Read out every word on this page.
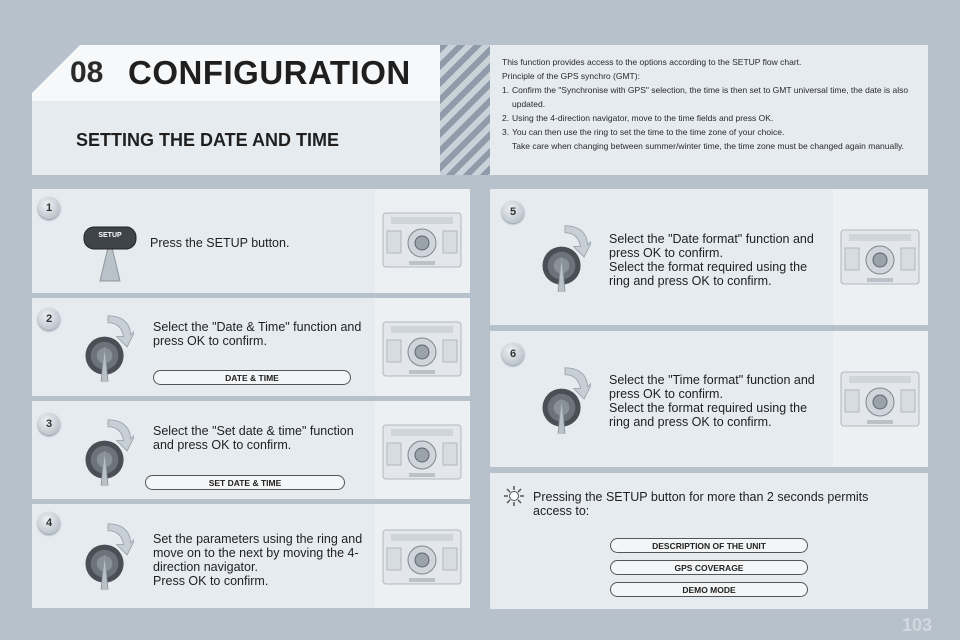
08 CONFIGURATION
SETTING THE DATE AND TIME
This function provides access to the options according to the SETUP flow chart.
Principle of the GPS synchro (GMT):
1. Confirm the "Synchronise with GPS" selection, the time is then set to GMT universal time, the date is also updated.
2. Using the 4-direction navigator, move to the time fields and press OK.
3. You can then use the ring to set the time to the time zone of your choice.
Take care when changing between summer/winter time, the time zone must be changed again manually.
1
SETUP
Press the SETUP button.
2
Select the "Date & Time" function and press OK to confirm.
DATE & TIME
3	Select the "Set date & time" function and press OK to confirm.
SET DATE & TIME
4
Set the parameters using the ring and move on to the next by moving the 4-direction navigator.
Press OK to confirm.
5
Select the "Date format" function and press OK to confirm.
Select the format required using the ring and press OK to confirm.
6
Select the "Time format" function and press OK to confirm.
Select the format required using the ring and press OK to confirm.
Pressing the SETUP button for more than 2 seconds permits access to:
DESCRIPTION OF THE UNIT
GPS COVERAGE
DEMO MODE
103
